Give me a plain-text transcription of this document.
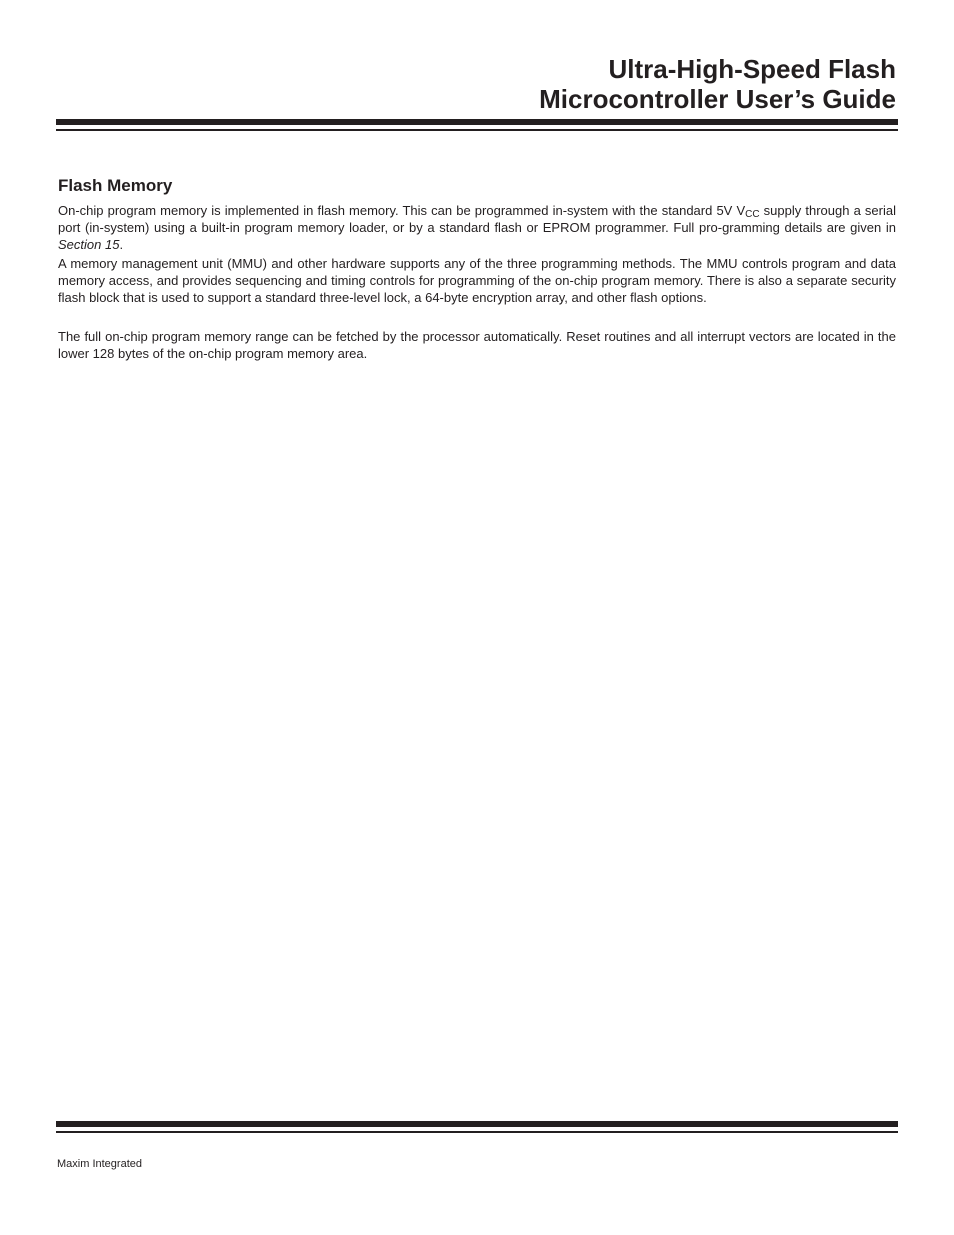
Ultra-High-Speed Flash
Microcontroller User’s Guide
Flash Memory

On-chip program memory is implemented in flash memory. This can be programmed in-system with the standard 5V $V_{CC}$ supply through a serial port (in-system) using a built-in program memory loader, or by a standard flash or EPROM programmer. Full pro-gramming details are given in Section 15.

A memory management unit (MMU) and other hardware supports any of the three programming methods. The MMU controls program and data memory access, and provides sequencing and timing controls for programming of the on-chip program memory. There is also a separate security flash block that is used to support a standard three-level lock, a 64-byte encryption array, and other flash options.

The full on-chip program memory range can be fetched by the processor automatically. Reset routines and all interrupt vectors are located in the lower 128 bytes of the on-chip program memory area.

Maxim Integrated
